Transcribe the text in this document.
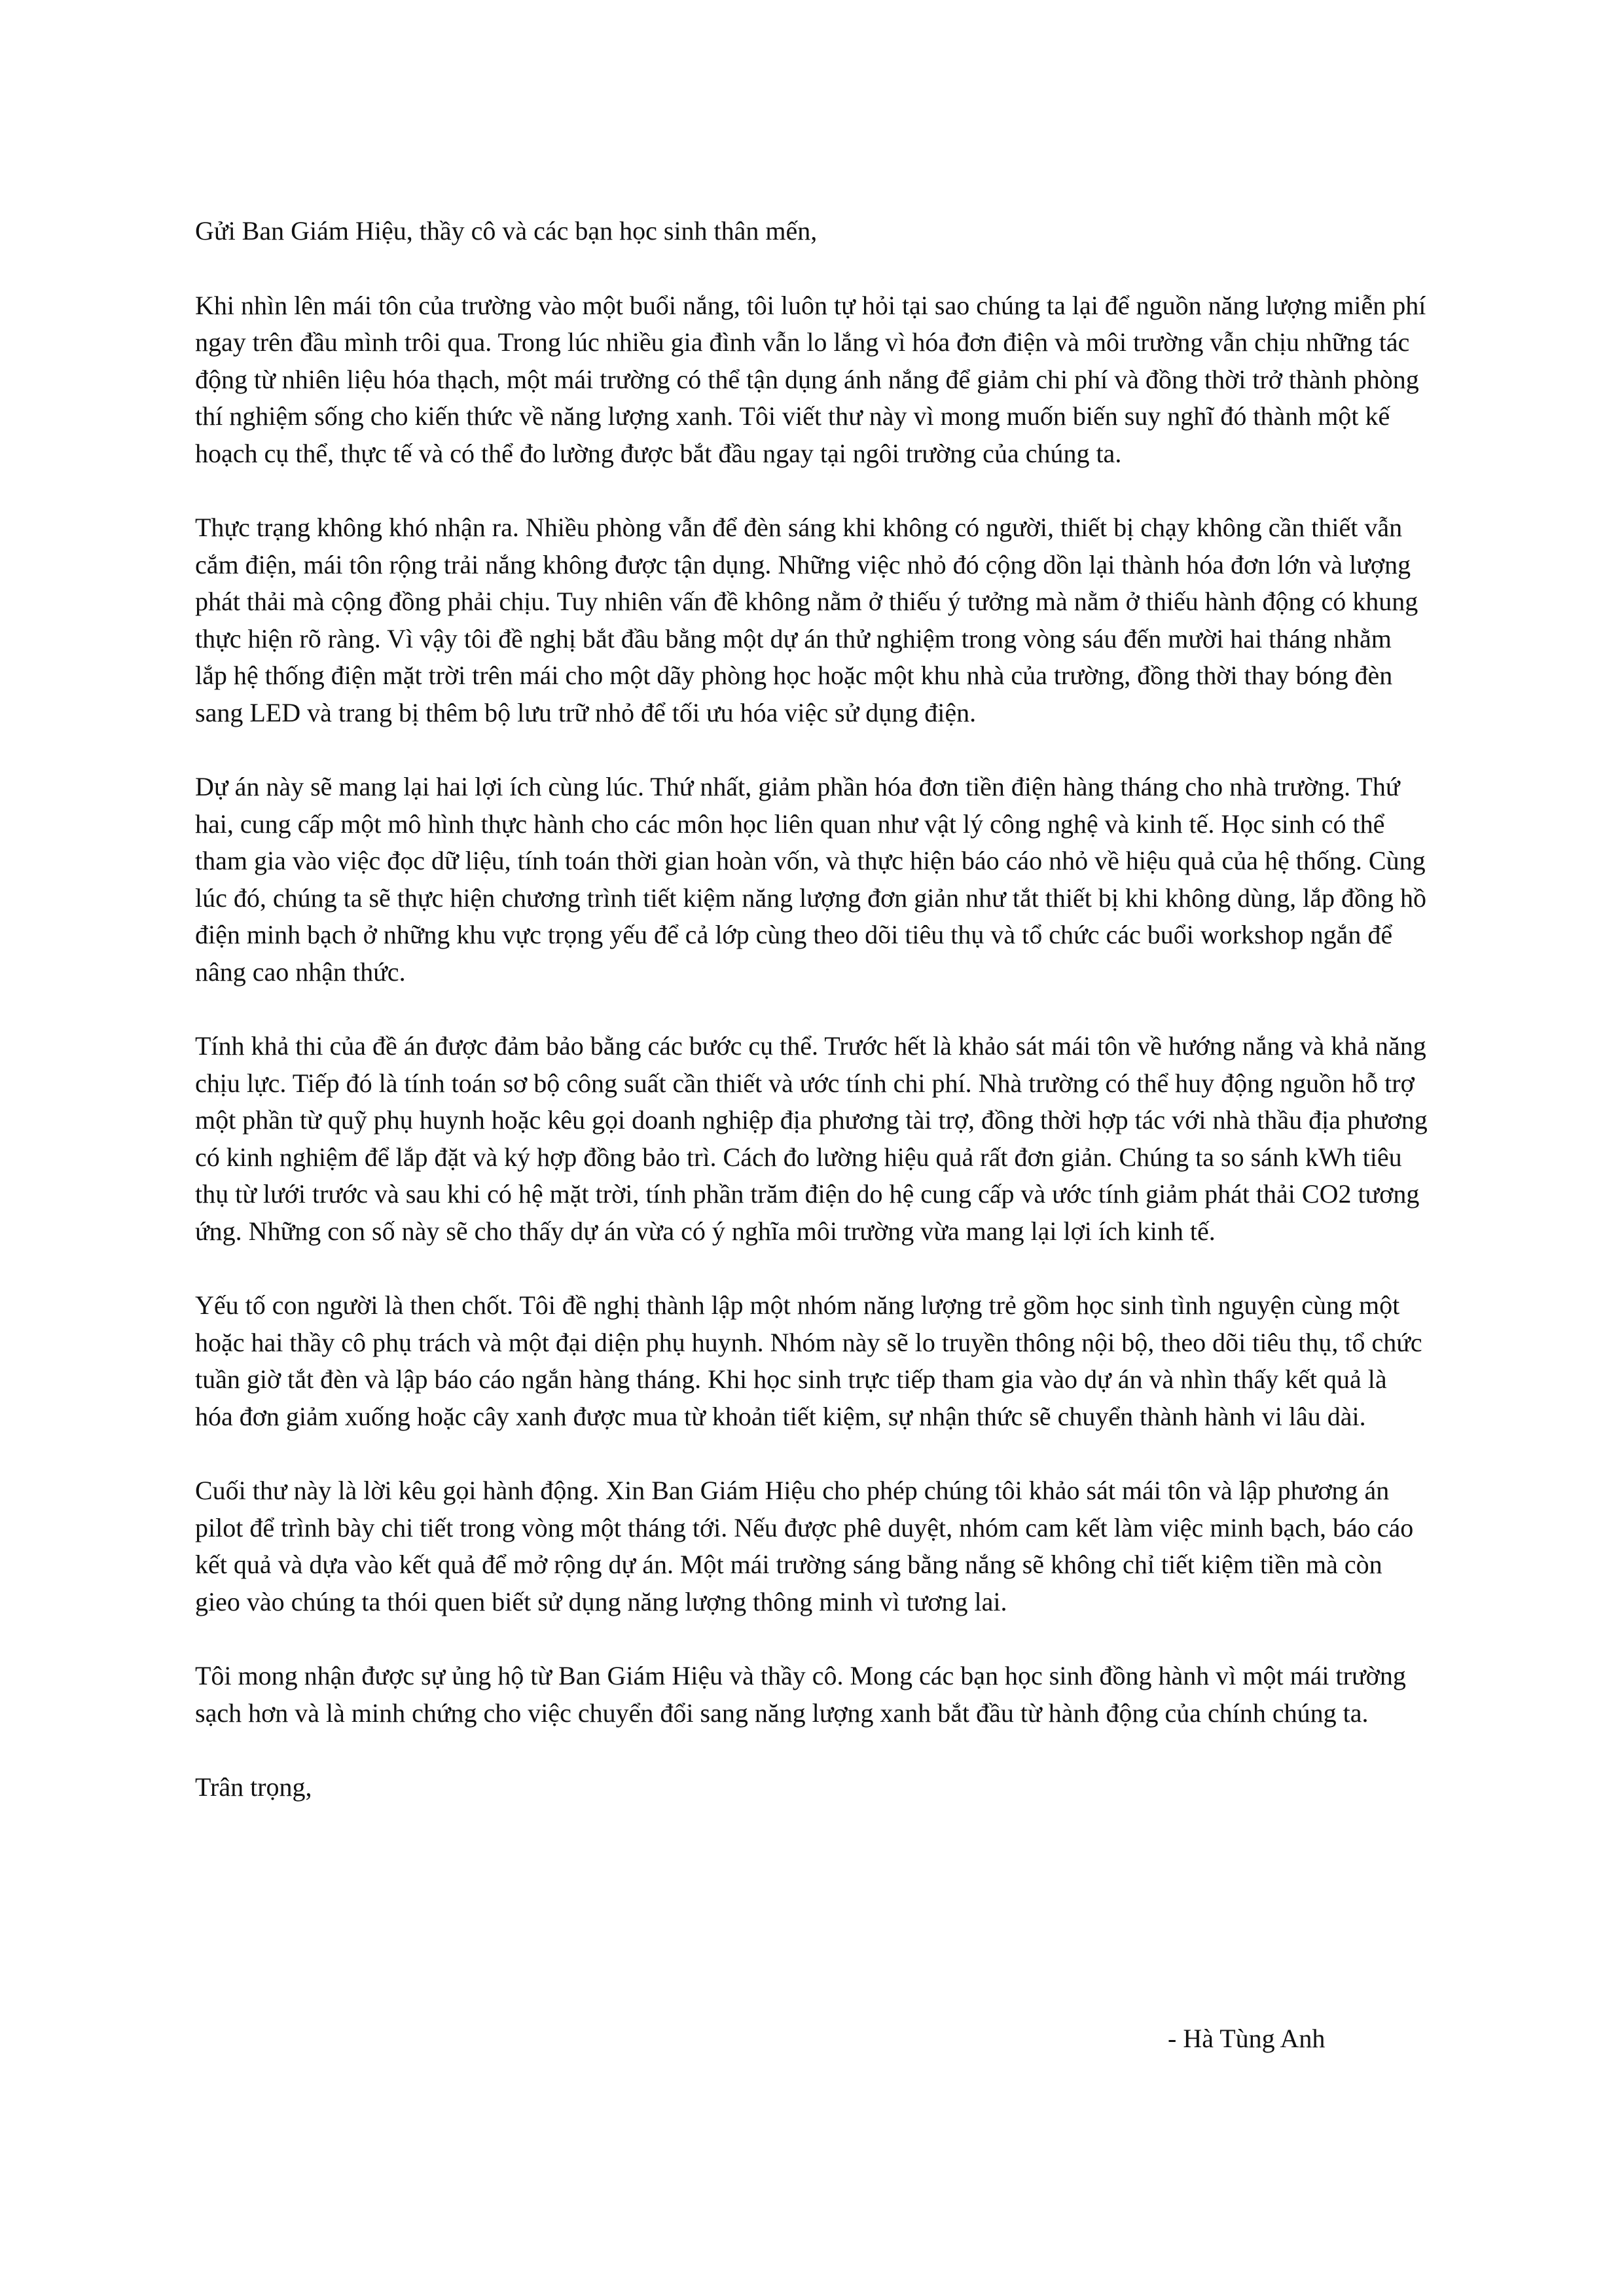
Gửi Ban Giám Hiệu, thầy cô và các bạn học sinh thân mến,

Khi nhìn lên mái tôn của trường vào một buổi nắng, tôi luôn tự hỏi tại sao chúng ta lại để nguồn năng lượng miễn phí ngay trên đầu mình trôi qua. Trong lúc nhiều gia đình vẫn lo lắng vì hóa đơn điện và môi trường vẫn chịu những tác động từ nhiên liệu hóa thạch, một mái trường có thể tận dụng ánh nắng để giảm chi phí và đồng thời trở thành phòng thí nghiệm sống cho kiến thức về năng lượng xanh. Tôi viết thư này vì mong muốn biến suy nghĩ đó thành một kế hoạch cụ thể, thực tế và có thể đo lường được bắt đầu ngay tại ngôi trường của chúng ta.

Thực trạng không khó nhận ra. Nhiều phòng vẫn để đèn sáng khi không có người, thiết bị chạy không cần thiết vẫn cắm điện, mái tôn rộng trải nắng không được tận dụng. Những việc nhỏ đó cộng dồn lại thành hóa đơn lớn và lượng phát thải mà cộng đồng phải chịu. Tuy nhiên vấn đề không nằm ở thiếu ý tưởng mà nằm ở thiếu hành động có khung thực hiện rõ ràng. Vì vậy tôi đề nghị bắt đầu bằng một dự án thử nghiệm trong vòng sáu đến mười hai tháng nhằm lắp hệ thống điện mặt trời trên mái cho một dãy phòng học hoặc một khu nhà của trường, đồng thời thay bóng đèn sang LED và trang bị thêm bộ lưu trữ nhỏ để tối ưu hóa việc sử dụng điện.

Dự án này sẽ mang lại hai lợi ích cùng lúc. Thứ nhất, giảm phần hóa đơn tiền điện hàng tháng cho nhà trường. Thứ hai, cung cấp một mô hình thực hành cho các môn học liên quan như vật lý công nghệ và kinh tế. Học sinh có thể tham gia vào việc đọc dữ liệu, tính toán thời gian hoàn vốn, và thực hiện báo cáo nhỏ về hiệu quả của hệ thống. Cùng lúc đó, chúng ta sẽ thực hiện chương trình tiết kiệm năng lượng đơn giản như tắt thiết bị khi không dùng, lắp đồng hồ điện minh bạch ở những khu vực trọng yếu để cả lớp cùng theo dõi tiêu thụ và tổ chức các buổi workshop ngắn để nâng cao nhận thức.

Tính khả thi của đề án được đảm bảo bằng các bước cụ thể. Trước hết là khảo sát mái tôn về hướng nắng và khả năng chịu lực. Tiếp đó là tính toán sơ bộ công suất cần thiết và ước tính chi phí. Nhà trường có thể huy động nguồn hỗ trợ một phần từ quỹ phụ huynh hoặc kêu gọi doanh nghiệp địa phương tài trợ, đồng thời hợp tác với nhà thầu địa phương có kinh nghiệm để lắp đặt và ký hợp đồng bảo trì. Cách đo lường hiệu quả rất đơn giản. Chúng ta so sánh kWh tiêu thụ từ lưới trước và sau khi có hệ mặt trời, tính phần trăm điện do hệ cung cấp và ước tính giảm phát thải CO2 tương ứng. Những con số này sẽ cho thấy dự án vừa có ý nghĩa môi trường vừa mang lại lợi ích kinh tế.

Yếu tố con người là then chốt. Tôi đề nghị thành lập một nhóm năng lượng trẻ gồm học sinh tình nguyện cùng một hoặc hai thầy cô phụ trách và một đại diện phụ huynh. Nhóm này sẽ lo truyền thông nội bộ, theo dõi tiêu thụ, tổ chức tuần giờ tắt đèn và lập báo cáo ngắn hàng tháng. Khi học sinh trực tiếp tham gia vào dự án và nhìn thấy kết quả là hóa đơn giảm xuống hoặc cây xanh được mua từ khoản tiết kiệm, sự nhận thức sẽ chuyển thành hành vi lâu dài.

Cuối thư này là lời kêu gọi hành động. Xin Ban Giám Hiệu cho phép chúng tôi khảo sát mái tôn và lập phương án pilot để trình bày chi tiết trong vòng một tháng tới. Nếu được phê duyệt, nhóm cam kết làm việc minh bạch, báo cáo kết quả và dựa vào kết quả để mở rộng dự án. Một mái trường sáng bằng nắng sẽ không chỉ tiết kiệm tiền mà còn gieo vào chúng ta thói quen biết sử dụng năng lượng thông minh vì tương lai.

Tôi mong nhận được sự ủng hộ từ Ban Giám Hiệu và thầy cô. Mong các bạn học sinh đồng hành vì một mái trường sạch hơn và là minh chứng cho việc chuyển đổi sang năng lượng xanh bắt đầu từ hành động của chính chúng ta.

Trân trọng,

- Hà Tùng Anh
